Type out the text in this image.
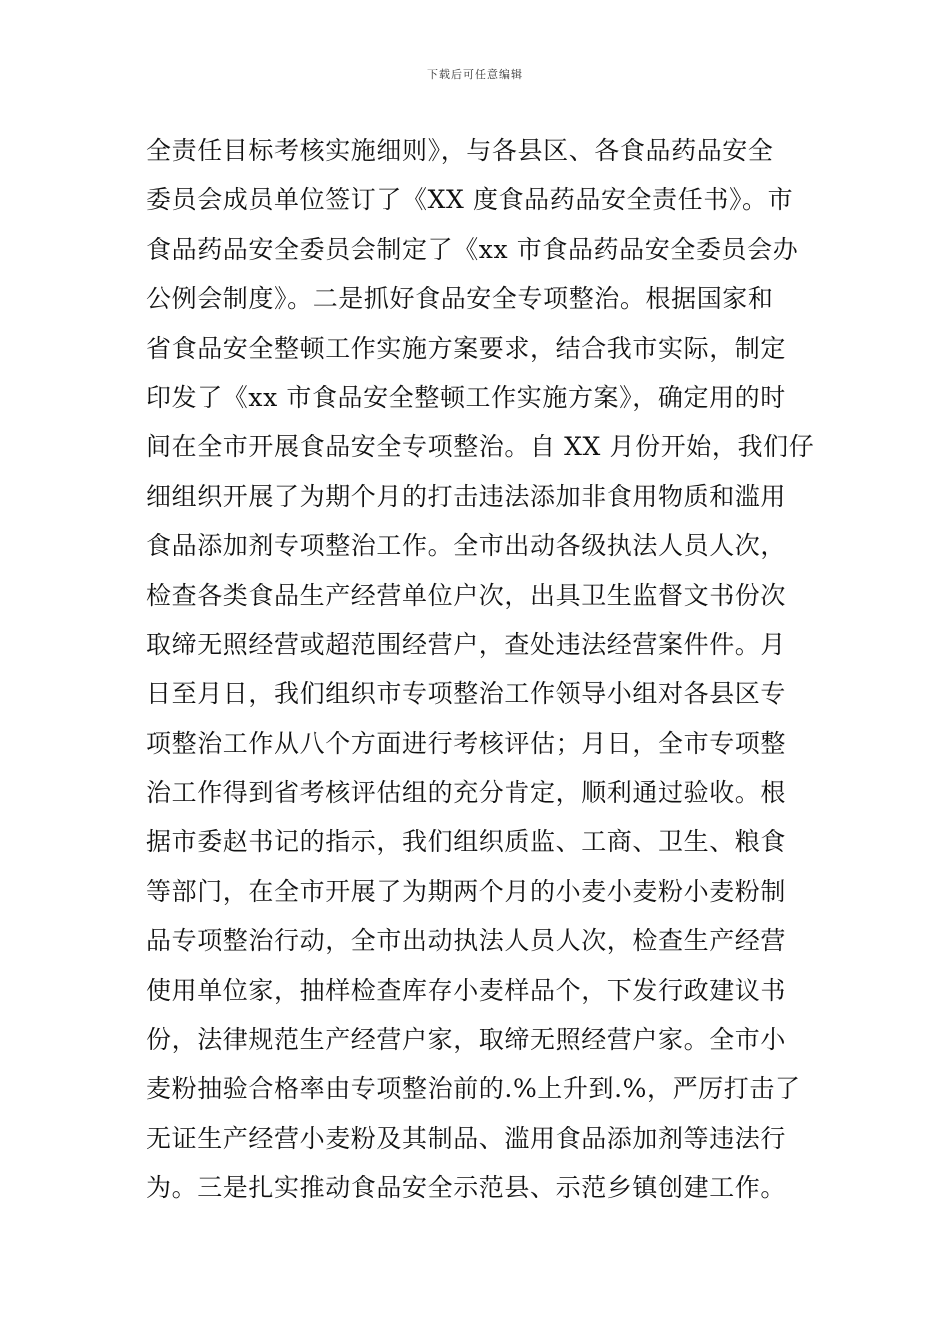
下载后可任意编辑
全责任目标考核实施细则》，与各县区、各食品药品安全
委员会成员单位签订了《XX 度食品药品安全责任书》。市
食品药品安全委员会制定了《xx 市食品药品安全委员会办
公例会制度》。二是抓好食品安全专项整治。根据国家和
省食品安全整顿工作实施方案要求，结合我市实际，制定
印发了《xx 市食品安全整顿工作实施方案》，确定用的时
间在全市开展食品安全专项整治。自 XX 月份开始，我们仔
细组织开展了为期个月的打击违法添加非食用物质和滥用
食品添加剂专项整治工作。全市出动各级执法人员人次，
检查各类食品生产经营单位户次，出具卫生监督文书份次
取缔无照经营或超范围经营户，查处违法经营案件件。月
日至月日，我们组织市专项整治工作领导小组对各县区专
项整治工作从八个方面进行考核评估；月日，全市专项整
治工作得到省考核评估组的充分肯定，顺利通过验收。根
据市委赵书记的指示，我们组织质监、工商、卫生、粮食
等部门，在全市开展了为期两个月的小麦小麦粉小麦粉制
品专项整治行动，全市出动执法人员人次，检查生产经营
使用单位家，抽样检查库存小麦样品个，下发行政建议书
份，法律规范生产经营户家，取缔无照经营户家。全市小
麦粉抽验合格率由专项整治前的.%上升到.%，严厉打击了
无证生产经营小麦粉及其制品、滥用食品添加剂等违法行
为。三是扎实推动食品安全示范县、示范乡镇创建工作。
